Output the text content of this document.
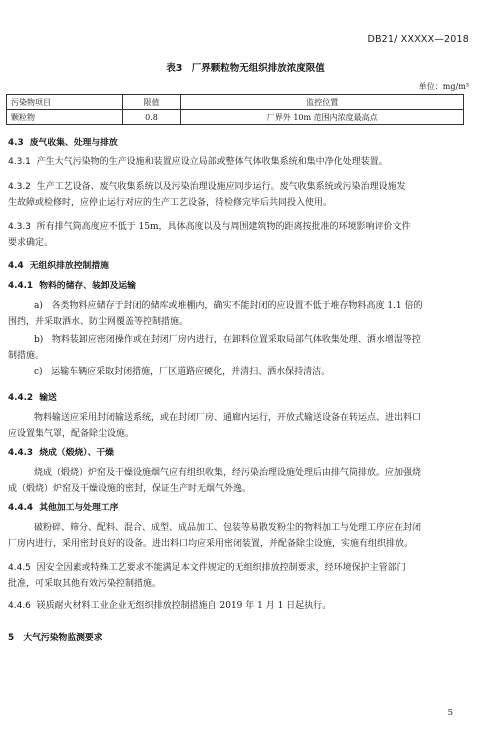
DB21/ XXXXX—2018
表3　厂界颗粒物无组织排放浓度限值
单位：mg/m³
污染物项目	限值	监控位置
颗粒物	0.8	厂界外 10m 范围内浓度最高点
4.3 废气收集、处理与排放
4.3.1 产生大气污染物的生产设施和装置应设立局部或整体气体收集系统和集中净化处理装置。
4.3.2 生产工艺设备、废气收集系统以及污染治理设施应同步运行。废气收集系统或污染治理设施发
生故障或检修时，应停止运行对应的生产工艺设备，待检修完毕后共同投入使用。
4.3.3 所有排气筒高度应不低于 15m，具体高度以及与周围建筑物的距离按批准的环境影响评价文件
要求确定。
4.4 无组织排放控制措施
4.4.1 物料的储存、装卸及运输
a) 各类物料应储存于封闭的储库或堆棚内，确实不能封闭的应设置不低于堆存物料高度 1.1 倍的
围挡，并采取洒水、防尘网覆盖等控制措施。
b) 物料装卸应密闭操作或在封闭厂房内进行，在卸料位置采取局部气体收集处理、洒水增湿等控
制措施。
c) 运输车辆应采取封闭措施，厂区道路应硬化，并清扫、洒水保持清洁。
4.4.2 输送
物料输送应采用封闭输送系统，或在封闭厂房、通廊内运行，开放式输送设备在转运点、进出料口
应设置集气罩，配备除尘设施。
4.4.3 烧成（煅烧）、干燥
烧成（煅烧）炉窑及干燥设施烟气应有组织收集，经污染治理设施处理后由排气筒排放。应加强烧
成（煅烧）炉窑及干燥设施的密封，保证生产时无烟气外逸。
4.4.4 其他加工与处理工序
破粉碎、筛分、配料、混合、成型、成品加工、包装等易散发粉尘的物料加工与处理工序应在封闭
厂房内进行，采用密封良好的设备。进出料口均应采用密闭装置，并配备除尘设施，实施有组织排放。
4.4.5 因安全因素或特殊工艺要求不能满足本文件规定的无组织排放控制要求，经环境保护主管部门
批准，可采取其他有效污染控制措施。
4.4.6 镁质耐火材料工业企业无组织排放控制措施自 2019 年 1 月 1 日起执行。
5 大气污染物监测要求
5
